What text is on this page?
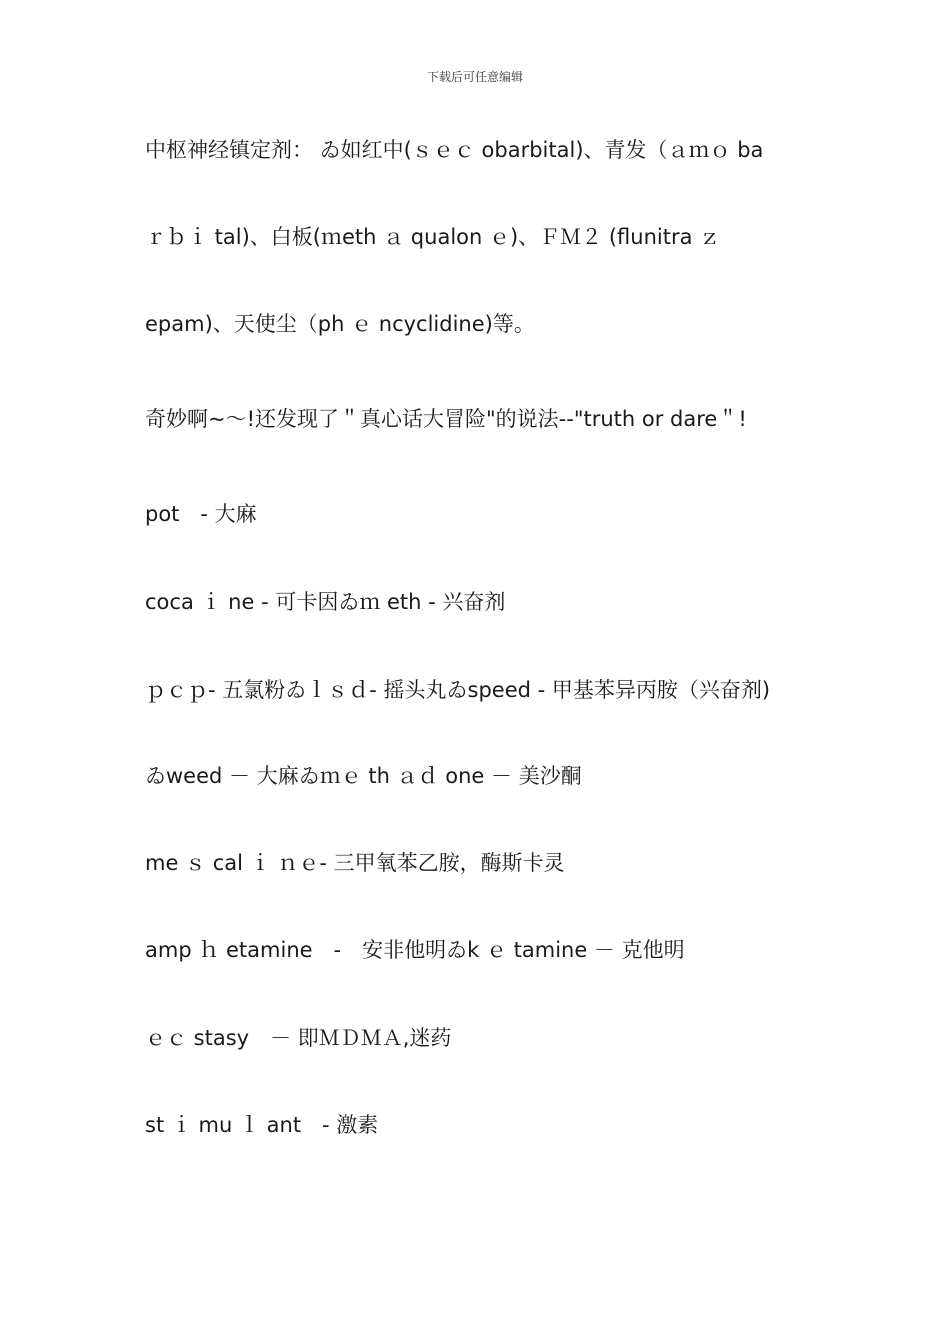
下载后可任意编辑
中枢神经镇定剂： ゐ如红中(ｓｅｃ obarbital)、青发（ａｍｏ ba
ｒｂｉ tal)、白板(ｍeth ａ qualon ｅ)、ＦＭ２ (flunitra ｚ
epam)、天使尘（ph ｅ ncyclidine)等。
奇妙啊~～!还发现了＂真心话大冒险"的说法--"truth or dare＂!
pot　- 大麻
coca ｉ ne - 可卡因ゐｍ eth - 兴奋剂
ｐｃｐ- 五氯粉ゐｌｓｄ- 摇头丸ゐspeed - 甲基苯异丙胺（兴奋剂)
ゐweed － 大麻ゐｍｅ th ａｄ one － 美沙酮
me ｓ cal ｉ ｎｅ- 三甲氧苯乙胺，酶斯卡灵
amp ｈ etamine　-　安非他明ゐk ｅ tamine － 克他明
ｅｃ stasy　－ 即ＭＤＭＡ,迷药
st ｉ mu ｌ ant　- 激素
